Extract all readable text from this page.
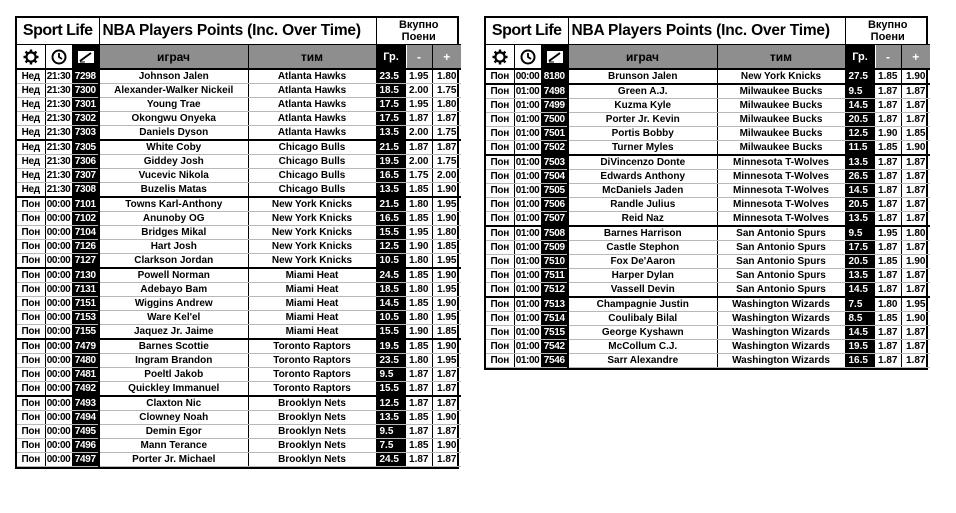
Sport Life			NBA Players Points (Inc. Over Time)		Вкупно
Поени		

	играч	тим	Гр.	-	+
Нед	21:30	7298	Johnson Jalen	Atlanta Hawks	23.5	1.95	1.80
Нед	21:30	7300	Alexander-Walker Nickeil	Atlanta Hawks	18.5	2.00	1.75
Нед	21:30	7301	Young Trae	Atlanta Hawks	17.5	1.95	1.80
Нед	21:30	7302	Okongwu Onyeka	Atlanta Hawks	17.5	1.87	1.87
Нед	21:30	7303	Daniels Dyson	Atlanta Hawks	13.5	2.00	1.75
Нед	21:30	7305	White Coby	Chicago Bulls	21.5	1.87	1.87
Нед	21:30	7306	Giddey Josh	Chicago Bulls	19.5	2.00	1.75
Нед	21:30	7307	Vucevic Nikola	Chicago Bulls	16.5	1.75	2.00
Нед	21:30	7308	Buzelis Matas	Chicago Bulls	13.5	1.85	1.90
Пон	00:00	7101	Towns Karl-Anthony	New York Knicks	21.5	1.80	1.95
Пон	00:00	7102	Anunoby OG	New York Knicks	16.5	1.85	1.90
Пон	00:00	7104	Bridges Mikal	New York Knicks	15.5	1.95	1.80
Пон	00:00	7126	Hart Josh	New York Knicks	12.5	1.90	1.85
Пон	00:00	7127	Clarkson Jordan	New York Knicks	10.5	1.80	1.95
Пон	00:00	7130	Powell Norman	Miami Heat	24.5	1.85	1.90
Пон	00:00	7131	Adebayo Bam	Miami Heat	18.5	1.80	1.95
Пон	00:00	7151	Wiggins Andrew	Miami Heat	14.5	1.85	1.90
Пон	00:00	7153	Ware Kel'el	Miami Heat	10.5	1.80	1.95
Пон	00:00	7155	Jaquez Jr. Jaime	Miami Heat	15.5	1.90	1.85
Пон	00:00	7479	Barnes Scottie	Toronto Raptors	19.5	1.85	1.90
Пон	00:00	7480	Ingram Brandon	Toronto Raptors	23.5	1.80	1.95
Пон	00:00	7481	Poeltl Jakob	Toronto Raptors	9.5	1.87	1.87
Пон	00:00	7492	Quickley Immanuel	Toronto Raptors	15.5	1.87	1.87
Пон	00:00	7493	Claxton Nic	Brooklyn Nets	12.5	1.87	1.87
Пон	00:00	7494	Clowney Noah	Brooklyn Nets	13.5	1.85	1.90
Пон	00:00	7495	Demin Egor	Brooklyn Nets	9.5	1.87	1.87
Пон	00:00	7496	Mann Terance	Brooklyn Nets	7.5	1.85	1.90
Пон	00:00	7497	Porter Jr. Michael	Brooklyn Nets	24.5	1.87	1.87
Sport Life			NBA Players Points (Inc. Over Time)		Вкупно
Поени		

	играч	тим	Гр.	-	+
Пон	00:00	8180	Brunson Jalen	New York Knicks	27.5	1.85	1.90
Пон	01:00	7498	Green A.J.	Milwaukee Bucks	9.5	1.87	1.87
Пон	01:00	7499	Kuzma Kyle	Milwaukee Bucks	14.5	1.87	1.87
Пон	01:00	7500	Porter Jr. Kevin	Milwaukee Bucks	20.5	1.87	1.87
Пон	01:00	7501	Portis Bobby	Milwaukee Bucks	12.5	1.90	1.85
Пон	01:00	7502	Turner Myles	Milwaukee Bucks	11.5	1.85	1.90
Пон	01:00	7503	DiVincenzo Donte	Minnesota T-Wolves	13.5	1.87	1.87
Пон	01:00	7504	Edwards Anthony	Minnesota T-Wolves	26.5	1.87	1.87
Пон	01:00	7505	McDaniels Jaden	Minnesota T-Wolves	14.5	1.87	1.87
Пон	01:00	7506	Randle Julius	Minnesota T-Wolves	20.5	1.87	1.87
Пон	01:00	7507	Reid Naz	Minnesota T-Wolves	13.5	1.87	1.87
Пон	01:00	7508	Barnes Harrison	San Antonio Spurs	9.5	1.95	1.80
Пон	01:00	7509	Castle Stephon	San Antonio Spurs	17.5	1.87	1.87
Пон	01:00	7510	Fox De'Aaron	San Antonio Spurs	20.5	1.85	1.90
Пон	01:00	7511	Harper Dylan	San Antonio Spurs	13.5	1.87	1.87
Пон	01:00	7512	Vassell Devin	San Antonio Spurs	14.5	1.87	1.87
Пон	01:00	7513	Champagnie Justin	Washington Wizards	7.5	1.80	1.95
Пон	01:00	7514	Coulibaly Bilal	Washington Wizards	8.5	1.85	1.90
Пон	01:00	7515	George Kyshawn	Washington Wizards	14.5	1.87	1.87
Пон	01:00	7542	McCollum C.J.	Washington Wizards	19.5	1.87	1.87
Пон	01:00	7546	Sarr Alexandre	Washington Wizards	16.5	1.87	1.87
